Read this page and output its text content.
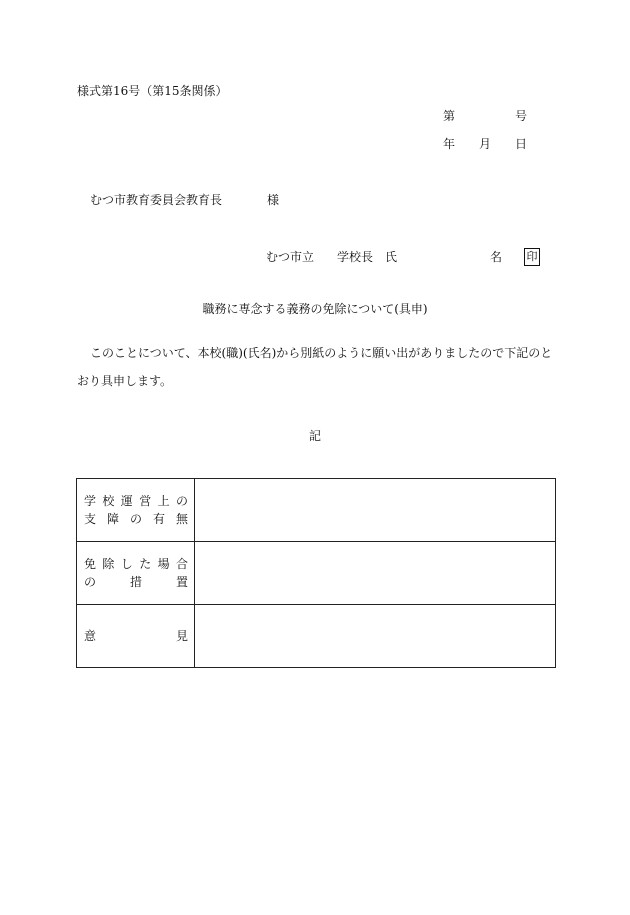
様式第16号（第15条関係）
第	号
年 月 日
むつ市教育委員会教育長	様
むつ市立 学校長 氏	名 印
職務に専念する義務の免除について(具申)
このことについて、本校(職)(氏名)から別紙のように願い出がありましたので下記のと
おり具申します。
記
学校運営上の
支障の有無	

免除した場合
の　措　置	

意　　　　見	
